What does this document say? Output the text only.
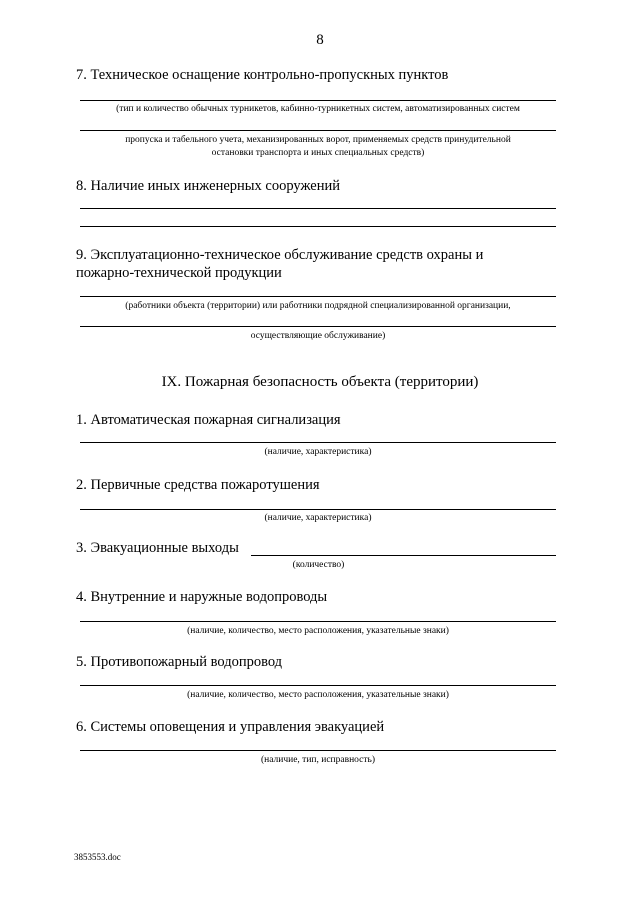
8
7. Техническое оснащение контрольно-пропускных пунктов
(тип и количество обычных турникетов, кабинно-турникетных систем, автоматизированных систем
пропуска и табельного учета, механизированных ворот, применяемых средств принудительной
остановки транспорта и иных специальных средств)
8. Наличие иных инженерных сооружений
9. Эксплуатационно-техническое обслуживание средств охраны и
пожарно-технической продукции
(работники объекта (территории) или работники подрядной специализированной организации,
осуществляющие обслуживание)
IX. Пожарная безопасность объекта (территории)
1. Автоматическая пожарная сигнализация
(наличие, характеристика)
2. Первичные средства пожаротушения
(наличие, характеристика)
3. Эвакуационные выходы
(количество)
4. Внутренние и наружные водопроводы
(наличие, количество, место расположения, указательные знаки)
5. Противопожарный водопровод
(наличие, количество, место расположения, указательные знаки)
6. Системы оповещения и управления эвакуацией
(наличие, тип, исправность)
3853553.doc
